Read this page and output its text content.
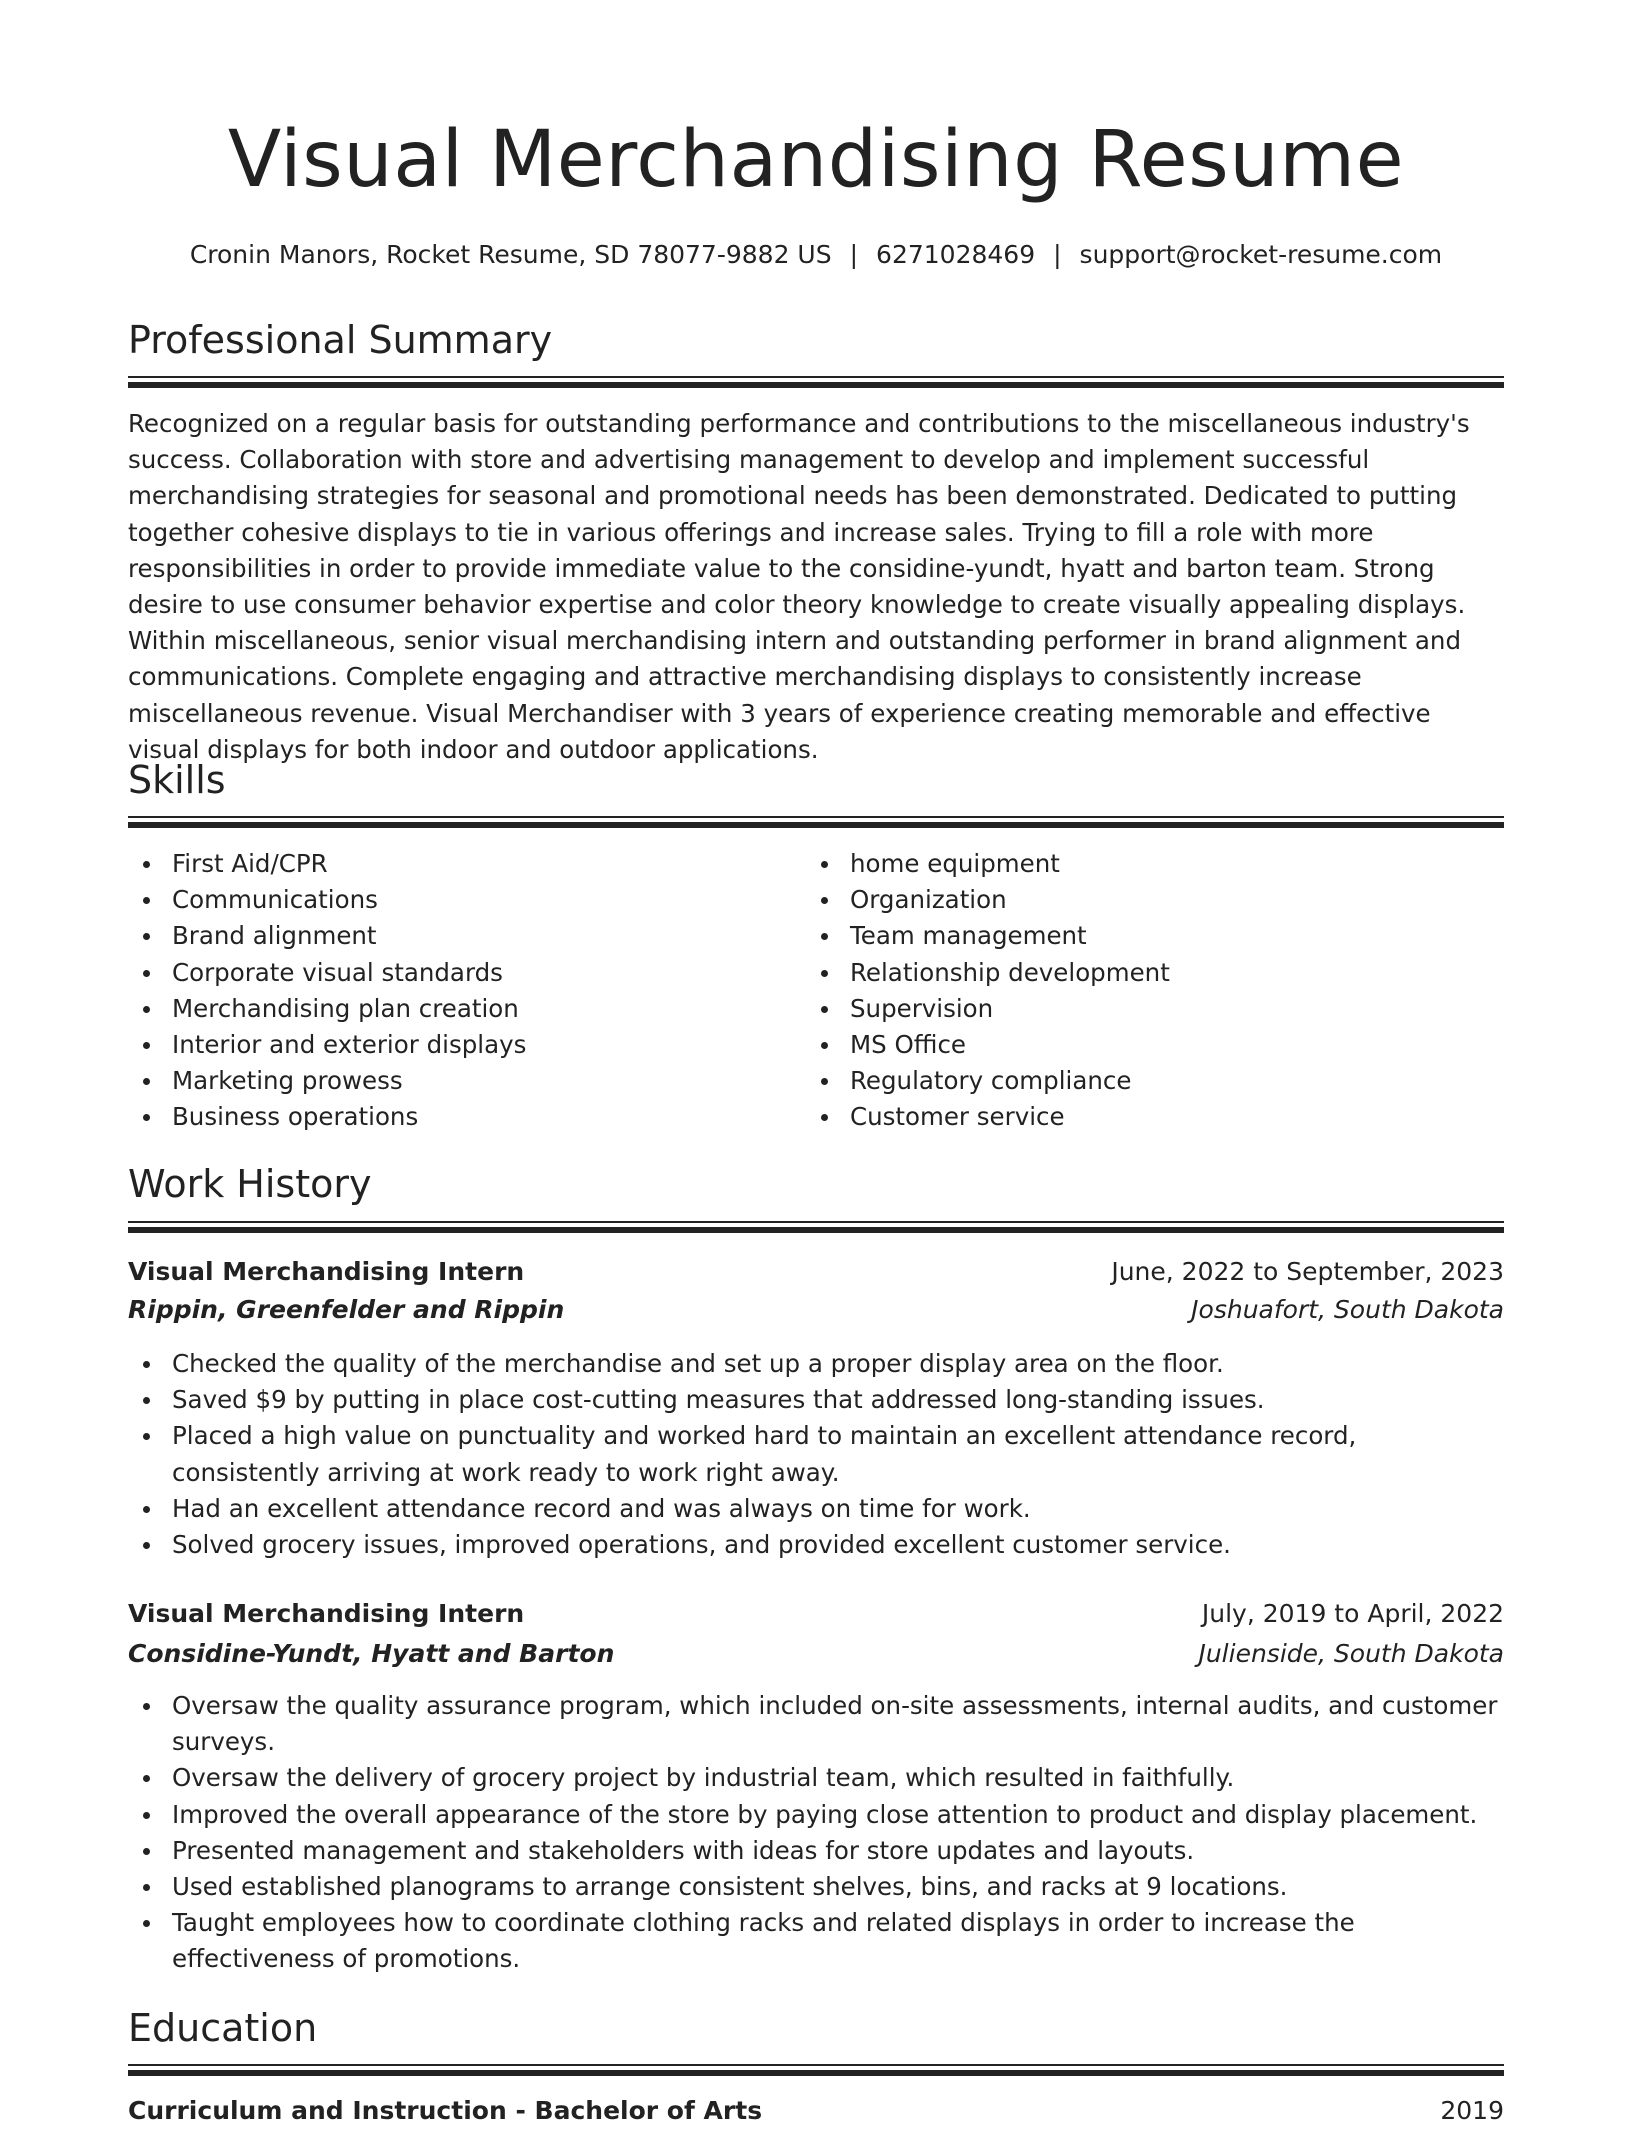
Visual Merchandising Resume
Cronin Manors, Rocket Resume, SD 78077-9882 US | 6271028469 | support@rocket-resume.com
Professional Summary
Recognized on a regular basis for outstanding performance and contributions to the miscellaneous industry's success. Collaboration with store and advertising management to develop and implement successful merchandising strategies for seasonal and promotional needs has been demonstrated. Dedicated to putting together cohesive displays to tie in various offerings and increase sales. Trying to fill a role with more responsibilities in order to provide immediate value to the considine-yundt, hyatt and barton team. Strong desire to use consumer behavior expertise and color theory knowledge to create visually appealing displays. Within miscellaneous, senior visual merchandising intern and outstanding performer in brand alignment and communications. Complete engaging and attractive merchandising displays to consistently increase miscellaneous revenue. Visual Merchandiser with 3 years of experience creating memorable and effective visual displays for both indoor and outdoor applications.
Skills
First Aid/CPR
Communications
Brand alignment
Corporate visual standards
Merchandising plan creation
Interior and exterior displays
Marketing prowess
Business operations
home equipment
Organization
Team management
Relationship development
Supervision
MS Office
Regulatory compliance
Customer service
Work History
Visual Merchandising Intern	June, 2022 to September, 2023
Rippin, Greenfelder and Rippin	Joshuafort, South Dakota
Checked the quality of the merchandise and set up a proper display area on the floor.
Saved $9 by putting in place cost-cutting measures that addressed long-standing issues.
Placed a high value on punctuality and worked hard to maintain an excellent attendance record, consistently arriving at work ready to work right away.
Had an excellent attendance record and was always on time for work.
Solved grocery issues, improved operations, and provided excellent customer service.
Visual Merchandising Intern	July, 2019 to April, 2022
Considine-Yundt, Hyatt and Barton	Julienside, South Dakota
Oversaw the quality assurance program, which included on-site assessments, internal audits, and customer surveys.
Oversaw the delivery of grocery project by industrial team, which resulted in faithfully.
Improved the overall appearance of the store by paying close attention to product and display placement.
Presented management and stakeholders with ideas for store updates and layouts.
Used established planograms to arrange consistent shelves, bins, and racks at 9 locations.
Taught employees how to coordinate clothing racks and related displays in order to increase the effectiveness of promotions.
Education
Curriculum and Instruction - Bachelor of Arts	2019
